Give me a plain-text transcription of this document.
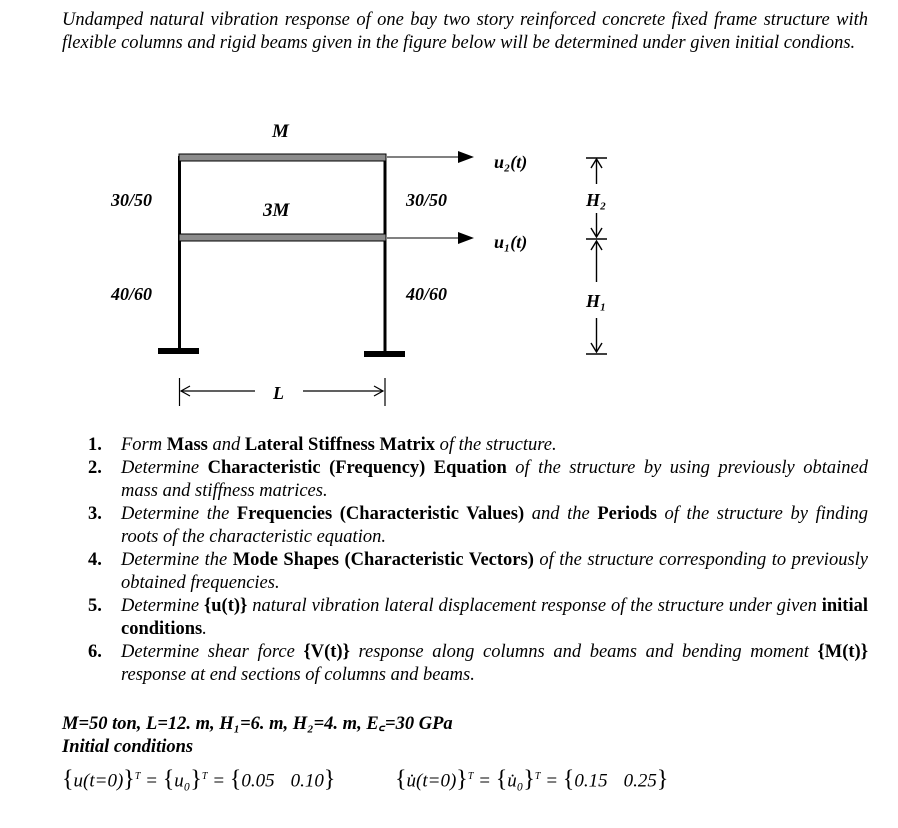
Undamped natural vibration response of one bay two story reinforced concrete fixed frame structure with flexible columns and rigid beams given in the figure below will be determined under given initial condions.
M
3M
30/50	30/50
40/60	40/60
u₂(t)
u₁(t)
H₂
H₁
L
1 . Form Mass and Lateral Stiffness Matrix of the structure.
2 . Determine Characteristic (Frequency) Equation of the structure by using previously obtained mass and stiffness matrices.
3 . Determine the Frequencies (Characteristic Values) and the Periods of the structure by finding roots of the characteristic equation.
4 . Determine the Mode Shapes (Characteristic Vectors) of the structure corresponding to previously obtained frequencies.
5 . Determine {u(t)} natural vibration lateral displacement response of the structure under given initial conditions.
6 . Determine shear force {V(t)} response along columns and beams and bending moment {M(t)} response at end sections of columns and beams.
M=50 ton, L=12. m, H₁=6. m, H₂=4. m, E꜀=30 GPa
Initial conditions
$\{u(t=0)\}^T = \{u_0\}^T = \{0.05$ 0.10} {u̇(t=0)}$^T$ = {u̇₀}$^T$ = {0.15 0.25}
